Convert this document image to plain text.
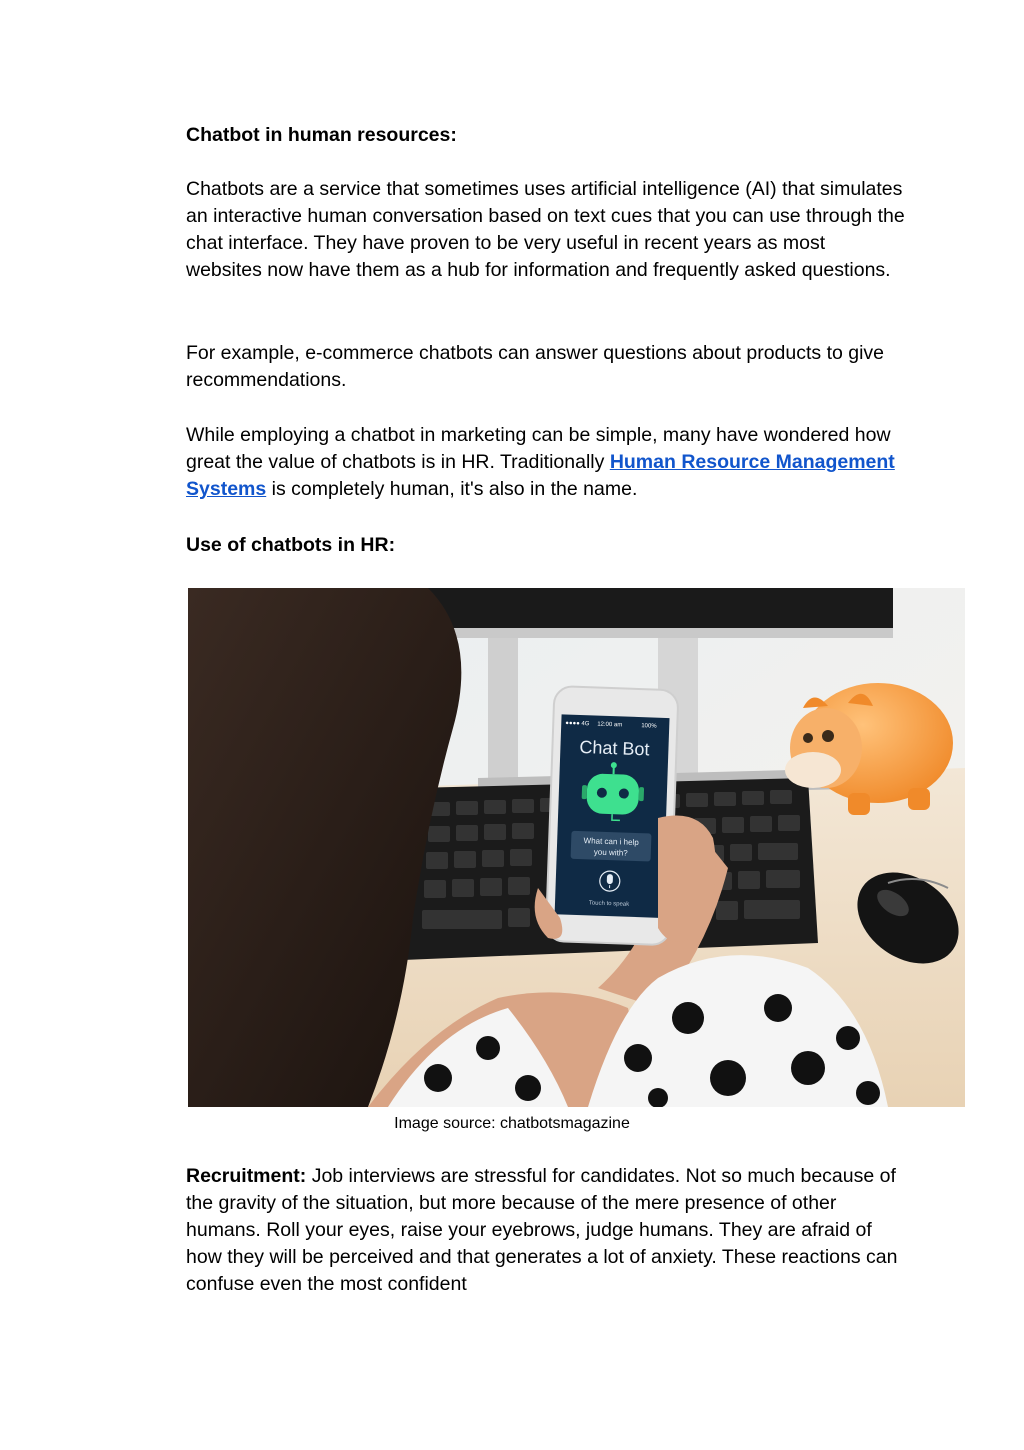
Chatbot in human resources:

Chatbots are a service that sometimes uses artificial intelligence (AI) that simulates an interactive human conversation based on text cues that you can use through the chat interface. They have proven to be very useful in recent years as most websites now have them as a hub for information and frequently asked questions.

For example, e-commerce chatbots can answer questions about products to give recommendations.

While employing a chatbot in marketing can be simple, many have wondered how great the value of chatbots is in HR. Traditionally Human Resource Management Systems is completely human, it's also in the name.

Use of chatbots in HR:

●●●● 4G 12:00 am	100%
Chat Bot
What can i help
you with?
Touch to speak
Image source: chatbotsmagazine

Recruitment: Job interviews are stressful for candidates. Not so much because of the gravity of the situation, but more because of the mere presence of other humans. Roll your eyes, raise your eyebrows, judge humans. They are afraid of how they will be perceived and that generates a lot of anxiety. These reactions can confuse even the most confident
